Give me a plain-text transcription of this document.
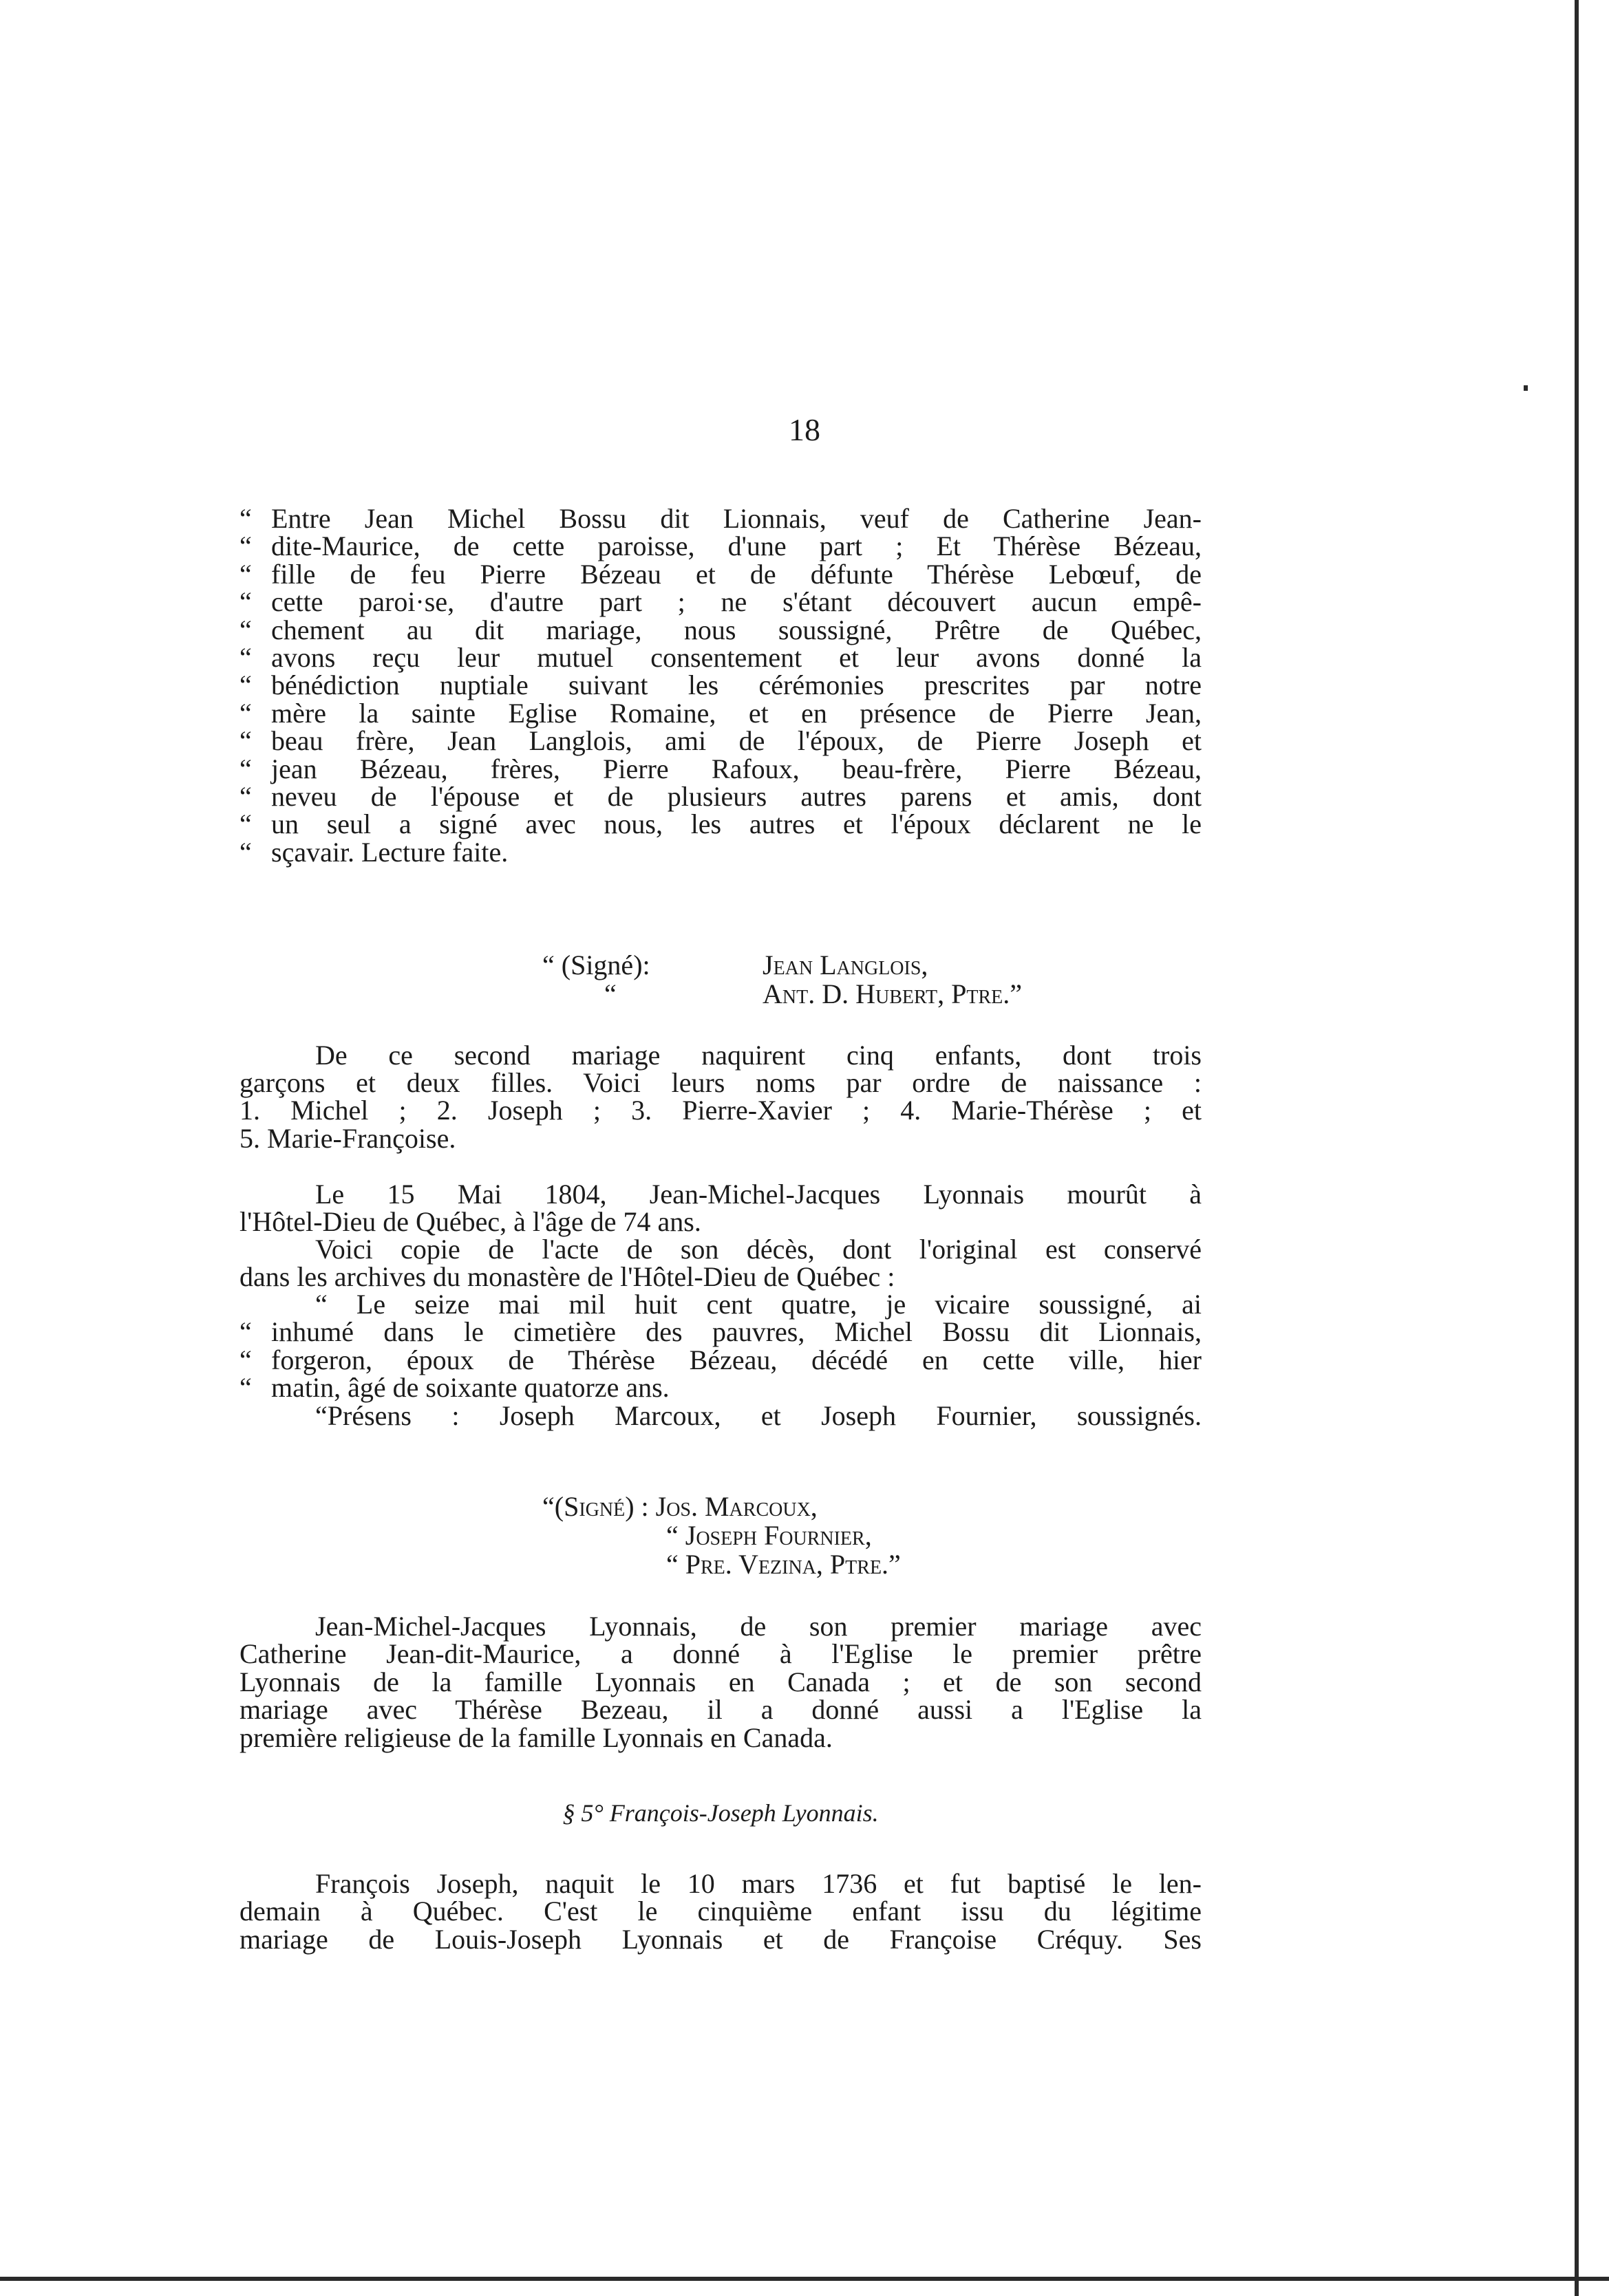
18
“ Entre Jean Michel Bossu dit Lionnais, veuf de Catherine Jean-
“ dite-Maurice, de cette paroisse, d'une part ; Et Thérèse Bézeau,
“ fille de feu Pierre Bézeau et de défunte Thérèse Lebœuf, de
“ cette paroi·se, d'autre part ; ne s'étant découvert aucun empê-
“ chement au dit mariage, nous soussigné, Prêtre de Québec,
“ avons reçu leur mutuel consentement et leur avons donné la
“ bénédiction nuptiale suivant les cérémonies prescrites par notre
“ mère la sainte Eglise Romaine, et en présence de Pierre Jean,
“ beau frère, Jean Langlois, ami de l'époux, de Pierre Joseph et
“ jean Bézeau, frères, Pierre Rafoux, beau-frère, Pierre Bézeau,
“ neveu de l'épouse et de plusieurs autres parens et amis, dont
“ un seul a signé avec nous, les autres et l'époux déclarent ne le
“ sçavair. Lecture faite.
“ (Signé):	Jean Langlois,
“	Ant. D. Hubert, Ptre.”
De ce second mariage naquirent cinq enfants, dont trois
garçons et deux filles. Voici leurs noms par ordre de naissance :
1. Michel ; 2. Joseph ; 3. Pierre-Xavier ; 4. Marie-Thérèse ; et
5. Marie-Françoise.
Le 15 Mai 1804, Jean-Michel-Jacques Lyonnais mourût à
l'Hôtel-Dieu de Québec, à l'âge de 74 ans.
Voici copie de l'acte de son décès, dont l'original est conservé
dans les archives du monastère de l'Hôtel-Dieu de Québec :
“ Le seize mai mil huit cent quatre, je vicaire soussigné, ai
“ inhumé dans le cimetière des pauvres, Michel Bossu dit Lionnais,
“ forgeron, époux de Thérèse Bézeau, décédé en cette ville, hier
“ matin, âgé de soixante quatorze ans.
“Présens : Joseph Marcoux, et Joseph Fournier, soussignés.
“(Signé) : Jos. Marcoux,
“ Joseph Fournier,
“ Pre. Vezina, Ptre.”
Jean-Michel-Jacques Lyonnais, de son premier mariage avec
Catherine Jean-dit-Maurice, a donné à l'Eglise le premier prêtre
Lyonnais de la famille Lyonnais en Canada ; et de son second
mariage avec Thérèse Bezeau, il a donné aussi a l'Eglise la
première religieuse de la famille Lyonnais en Canada.
§ 5° François-Joseph Lyonnais.
François Joseph, naquit le 10 mars 1736 et fut baptisé le len-
demain à Québec. C'est le cinquième enfant issu du légitime
mariage de Louis-Joseph Lyonnais et de Françoise Créquy. Ses
